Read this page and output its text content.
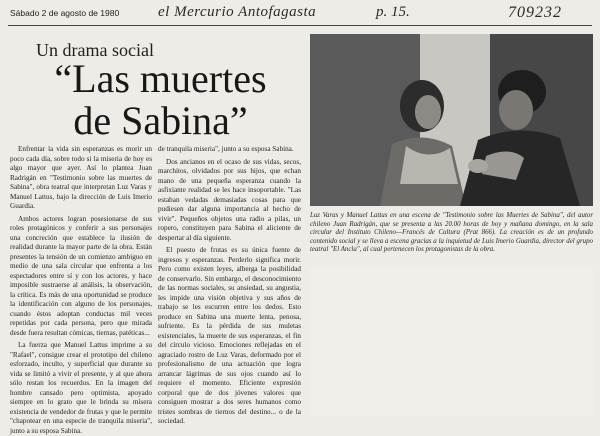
Sábado 2 de agosto de 1980	el Mercurio Antofagasta	p. 15.	709232
Un drama social
“Las muertes
de Sabina”

Enfrentar la vida sin esperanzas es morir un poco cada día, sobre todo si la miseria de hoy es algo mayor que ayer. Así lo plantea Juan Radrigán en "Testimonio sobre las muertes de Sabina", obra teatral que interpretan Luz Varas y Manuel Lattus, bajo la dirección de Luis Imerio Guardia.

Ambos actores logran posesionarse de sus roles protagónicos y conferir a sus personajes una concreción que establece la ilusión de realidad durante la mayor parte de la obra. Están presentes la tensión de un comienzo ambiguo en medio de una sala circular que enfrenta a los espectadores entre sí y con los actores, y hace imposible sustraerse al análisis, la observación, la crítica. Es más de una oportunidad se produce la identificación con alguno de los personajes, cuando éstos adoptan conductas mil veces repetidas por cada persona, pero que mirada desde fuera resultan cómicas, tiernas, patéticas...

La fuerza que Manuel Lattus imprime a su "Rafael", consigue crear el prototipo del chileno esforzado, inculto, y superficial que durante su vida se limitó a vivir el presente, y al que ahora sólo restan los recuerdos. En la imagen del hombre cansado pero optimista, apoyado siempre en lo grato que le brinda su mísera existencia de vendedor de frutas y que le permite "chapotear en una especie de tranquila miseria", junto a su esposa Sabina.

de tranquila miseria", junto a su esposa Sabina.

Dos ancianos en el ocaso de sus vidas, secos, marchitos, olvidados por sus hijos, que echan mano de una pequeña esperanza cuando la asfixiante realidad se les hace insoportable. "Las estaban vedadas demasiadas cosas para que pudiesen dar alguna importancia al hecho de vivir". Pequeños objetos una radio a pilas, un ropero, constituyen para Sabina el aliciente de despertar al día siguiente.

El puesto de frutas es su única fuente de ingresos y esperanzas. Perderlo significa morir. Pero como existen leyes, alberga la posibilidad de conservarlo. Sin embargo, el desconocimiento de las normas sociales, su ansiedad, su angustia, les impide una visión objetiva y sus años de trabajo se les escurren entre los dedos. Esto produce en Sabina una muerte lenta, penosa, sufriente. Es la pérdida de sus muletas existenciales, la muerte de sus esperanzas, el fin del círculo vicioso. Emociones reflejadas en el agraciado rostro de Luz Varas, deformado por el profesionalismo de una actuación que logra arrancar lágrimas de sus ojos cuando así lo requiere el momento. Eficiente expresión corporal que de dos jóvenes valores que consiguen mostrar a dos seres humanos como tristes sombras de tiernos del destino... o de la sociedad.

Luz Varas y Manuel Lattus en una escena de "Testimonio sobre las Muertes de Sabina", del autor chileno Juan Radrigán, que se presenta a las 20.00 horas de hoy y mañana domingo, en la sala circular del Instituto Chileno—Francés de Cultura (Prat 866). La creación es de un profundo contenido social y se lleva a escena gracias a la inquietud de Luis Imerio Guardia, director del grupo teatral "El Ancla", al cual pertenecen los protagonistas de la obra.
